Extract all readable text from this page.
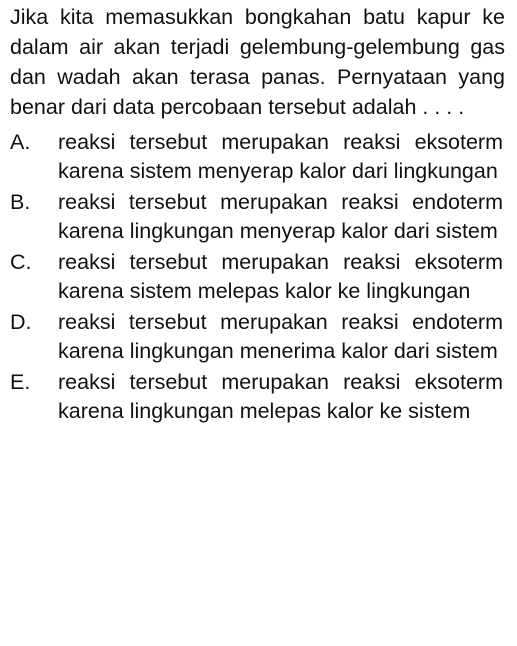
Jika kita memasukkan bongkahan batu kapur ke dalam air akan terjadi gelembung-gelembung gas dan wadah akan terasa panas. Pernyataan yang benar dari data percobaan tersebut adalah . . . .

A.	reaksi tersebut merupakan reaksi eksoterm karena sistem menyerap kalor dari lingkungan
B.	reaksi tersebut merupakan reaksi endoterm karena lingkungan menyerap kalor dari sistem
C.	reaksi tersebut merupakan reaksi eksoterm karena sistem melepas kalor ke lingkungan
D.	reaksi tersebut merupakan reaksi endoterm karena lingkungan menerima kalor dari sistem
E.	reaksi tersebut merupakan reaksi eksoterm karena lingkungan melepas kalor ke sistem
